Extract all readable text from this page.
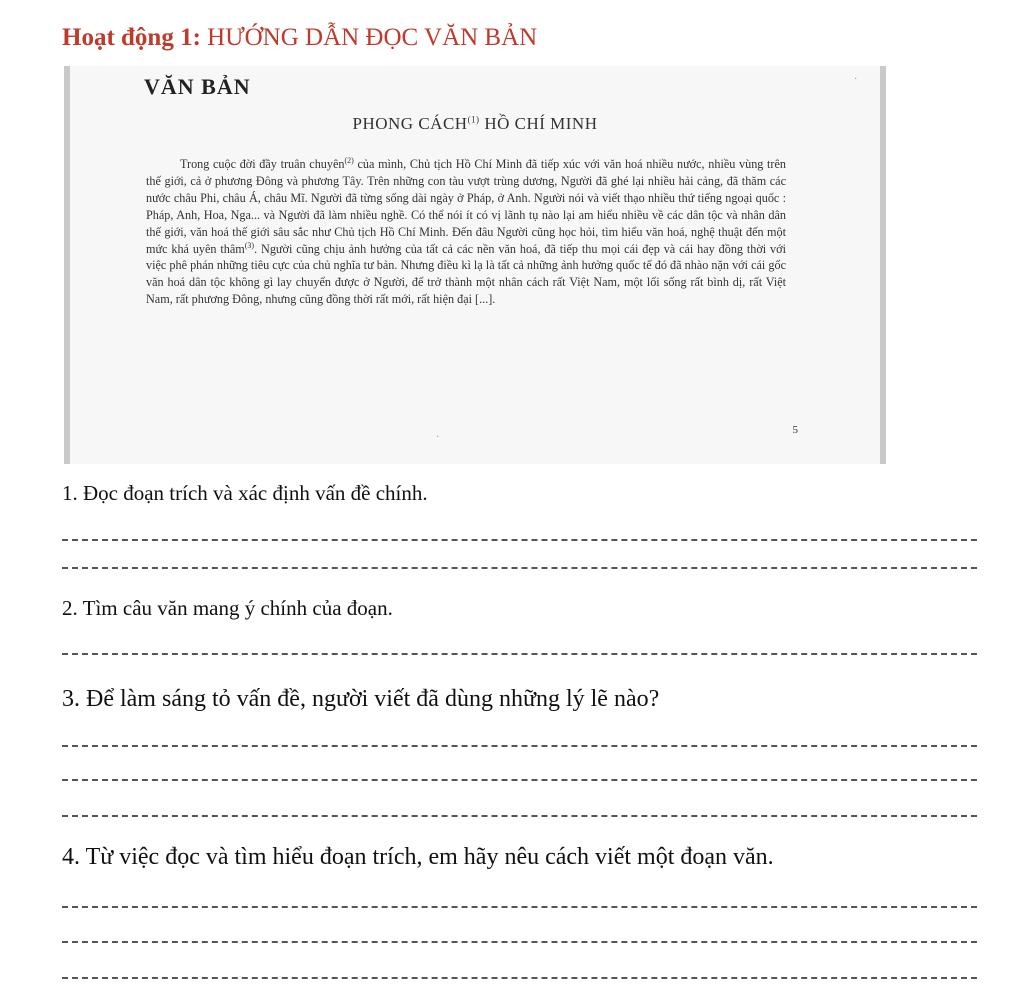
Hoạt động 1: HƯỚNG DẪN ĐỌC VĂN BẢN
·
VĂN BẢN
PHONG CÁCH$^{(1)}$ HỒ CHÍ MINH

Trong cuộc đời đầy truân chuyên$^{(2)}$ của mình, Chủ tịch Hồ Chí Minh đã tiếp xúc với văn hoá nhiều nước, nhiều vùng trên thế giới, cả ở phương Đông và phương Tây. Trên những con tàu vượt trùng dương, Người đã ghé lại nhiều hải cảng, đã thăm các nước châu Phi, châu Á, châu Mĩ. Người đã từng sống dài ngày ở Pháp, ở Anh. Người nói và viết thạo nhiều thứ tiếng ngoại quốc : Pháp, Anh, Hoa, Nga... và Người đã làm nhiều nghề. Có thể nói ít có vị lãnh tụ nào lại am hiểu nhiều về các dân tộc và nhân dân thế giới, văn hoá thế giới sâu sắc như Chủ tịch Hồ Chí Minh. Đến đâu Người cũng học hỏi, tìm hiểu văn hoá, nghệ thuật đến một mức khá uyên thâm$^{(3)}$. Người cũng chịu ảnh hưởng của tất cả các nền văn hoá, đã tiếp thu mọi cái đẹp và cái hay đồng thời với việc phê phán những tiêu cực của chủ nghĩa tư bản. Nhưng điều kì lạ là tất cả những ảnh hưởng quốc tế đó đã nhào nặn với cái gốc văn hoá dân tộc không gì lay chuyển được ở Người, để trở thành một nhân cách rất Việt Nam, một lối sống rất bình dị, rất Việt Nam, rất phương Đông, nhưng cũng đồng thời rất mới, rất hiện đại [...].

·
5
1. Đọc đoạn trích và xác định vấn đề chính.
2. Tìm câu văn mang ý chính của đoạn.
3. Để làm sáng tỏ vấn đề, người viết đã dùng những lý lẽ nào?
4. Từ việc đọc và tìm hiểu đoạn trích, em hãy nêu cách viết một đoạn văn.
